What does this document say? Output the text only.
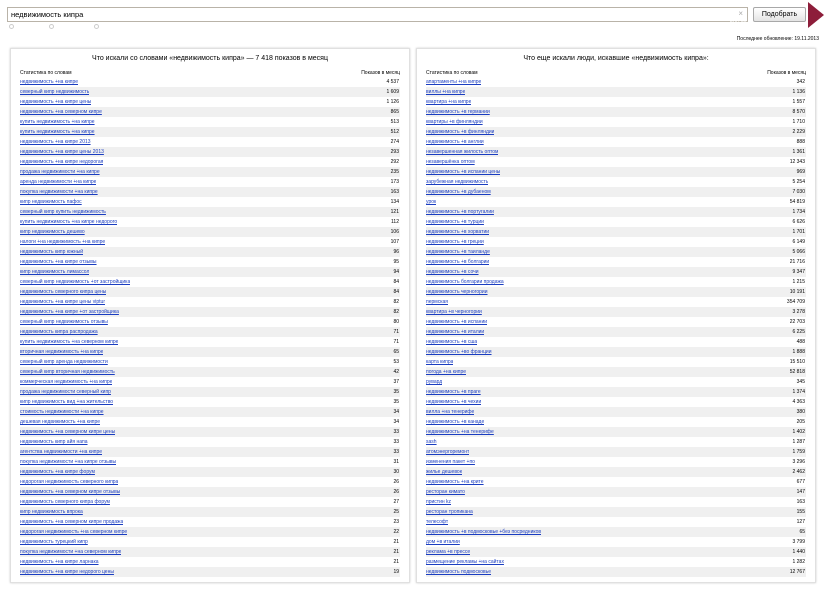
недвижимость кипра	×	Подобрать
По словам	По регионам	История запросов
Россия
Последнее обновление: 19.11.2013
Что искали со словами «недвижимость кипра» — 7 418 показов в месяц
Статистика по словам	Показов в месяц
недвижимость +на кипре	4 537
северный кипр недвижимость	1 609
недвижимость +на кипре цены	1 126
недвижимость +на северном кипре	865
купить недвижимость +на кипре	513
купить недвижимость +на кипре	512
недвижимость +на кипре 2013	274
недвижимость +на кипре цены 2013	293
недвижимость +на кипре недорогая	292
продажа недвижимости +на кипре	235
аренда недвижимости +на кипре	173
покупка недвижимости +на кипре	163
кипр недвижимость пафос	134
северный кипр купить недвижимость	121
купить недвижимость +на кипре недорого	112
кипр недвижимость дешево	106
налоги +на недвижимость +на кипре	107
недвижимость кипр южный	96
недвижимость +на кипре отзывы	95
кипр недвижимость лимассол	94
северный кипр недвижимость +от застройщика	84
недвижимость северного кипра цены	84
недвижимость +на кипре цены viptur	82
недвижимость +на кипре +от застройщика	82
северный кипр недвижимость отзывы	80
недвижимость кипра распродажа	71
купить недвижимость +на северном кипре	71
вторичная недвижимость +на кипре	65
северный кипр аренда недвижимости	53
северный кипр вторичная недвижимость	42
коммерческая недвижимость +на кипре	37
продажа недвижимости северный кипр	35
кипр недвижимость вид +на жительство	35
стоимость недвижимости +на кипре	34
дешевая недвижимость +на кипре	34
недвижимость +на северном кипре цены	33
недвижимость кипр айя напа	33
агентства недвижимости +на кипре	33
покупка недвижимости +на кипре отзывы	31
недвижимость +на кипре форум	30
недорогая недвижимость северного кипра	26
недвижимость +на северном кипре отзывы	26
недвижимость северного кипра форум	27
кипр недвижимость впрока	25
недвижимость +на северном кипре продажа	23
недорогая недвижимость +на северном кипре	22
недвижимость турецкий кипр	21
покупка недвижимости +на северном кипре	21
недвижимость +на кипре ларнака	21
недвижимость +на кипре недорого цены	19
Что еще искали люди, искавшие «недвижимость кипра»:
Статистика по словам	Показов в месяц
апартаменты +на кипре	342
виллы +на кипре	1 136
квартира +на кипре	1 557
недвижимость +в германии	8 570
квартиры +в финляндии	1 710
недвижимость +в финляндии	2 229
недвижимость +в англии	888
незавершенная жилость оптом	1 361
незавершёнка оптом	12 343
недвижимость +в испании цены	969
зарубежная недвижимость	5 254
недвижимость +в дубаеном	7 030
урок	54 819
недвижимость +в португалии	1 734
недвижимость +в турции	6 626
недвижимость +в хорватии	1 701
недвижимость +в греции	6 149
недвижимость +в таиланде	5 066
недвижимость +в болгарии	21 716
недвижимость +в сочи	9 347
недвижимость болгарии продажа	1 215
недвижимость черногории	10 191
пермская	354 709
квартира +в черногории	3 278
недвижимость +в испании	22 703
недвижимость +в италии	6 225
недвижимость +в сша	488
недвижимость +во франции	1 888
карта кипра	15 510
погода +на кипре	52 818
рувард	345
недвижимость +в праге	1 374
недвижимость +в чехии	4 363
вилла +на тенерифе	380
недвижимость +в канаде	205
недвижимость +на тенерифе	1 402
sash	1 287
атомэнергоремонт	1 759
изменения пакет +по	3 296
жилье дешевое	2 462
недвижимость +на крите	677
ресторан кимато	147
пристин kz	163
ресторан тропикана	155
телесофт	127
недвижимость +в подмосковье +без посредников	65
дом +в италии	3 799
реклама +в прессе	1 440
размещение рекламы +на сайтах	1 282
недвижимость подмосковье	12 767
